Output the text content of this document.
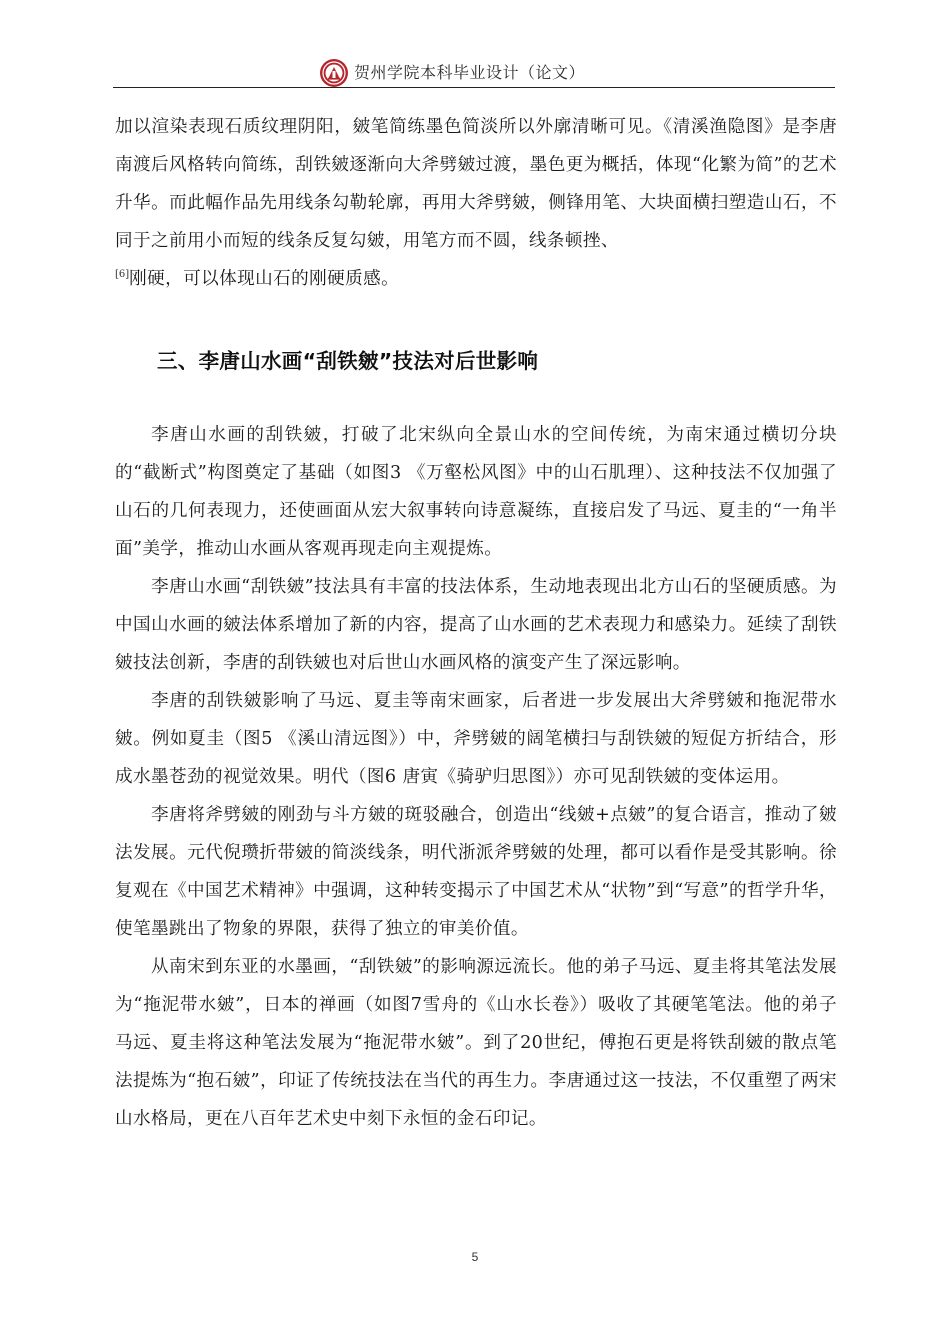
贺州学院本科毕业设计（论文）

加以渲染表现石质纹理阴阳，皴笔简练墨色简淡所以外廓清晰可见。《清溪渔隐图》是李唐南渡后风格转向简练，刮铁皴逐渐向大斧劈皴过渡，墨色更为概括，体现“化繁为简”的艺术升华。而此幅作品先用线条勾勒轮廓，再用大斧劈皴，侧锋用笔、大块面横扫塑造山石，不同于之前用小而短的线条反复勾皴，用笔方而不圆，线条顿挫、
[6]刚硬，可以体现山石的刚硬质感。

三、李唐山水画“刮铁皴”技法对后世影响

李唐山水画的刮铁皴，打破了北宋纵向全景山水的空间传统，为南宋通过横切分块的“截断式”构图奠定了基础（如图3 《万壑松风图》中的山石肌理）、这种技法不仅加强了山石的几何表现力，还使画面从宏大叙事转向诗意凝练，直接启发了马远、夏圭的“一角半面”美学，推动山水画从客观再现走向主观提炼。

李唐山水画“刮铁皴”技法具有丰富的技法体系，生动地表现出北方山石的坚硬质感。为中国山水画的皴法体系增加了新的内容，提高了山水画的艺术表现力和感染力。延续了刮铁皴技法创新，李唐的刮铁皴也对后世山水画风格的演变产生了深远影响。

李唐的刮铁皴影响了马远、夏圭等南宋画家，后者进一步发展出大斧劈皴和拖泥带水皴。例如夏圭（图5 《溪山清远图》）中，斧劈皴的阔笔横扫与刮铁皴的短促方折结合，形成水墨苍劲的视觉效果。明代（图6 唐寅《骑驴归思图》）亦可见刮铁皴的变体运用。

李唐将斧劈皴的刚劲与斗方皴的斑驳融合，创造出“线皴+点皴”的复合语言，推动了皴法发展。元代倪瓒折带皴的简淡线条，明代浙派斧劈皴的处理，都可以看作是受其影响。徐复观在《中国艺术精神》中强调，这种转变揭示了中国艺术从“状物”到“写意”的哲学升华，使笔墨跳出了物象的界限，获得了独立的审美价值。

从南宋到东亚的水墨画，“刮铁皴”的影响源远流长。他的弟子马远、夏圭将其笔法发展为“拖泥带水皴”，日本的禅画（如图7雪舟的《山水长卷》）吸收了其硬笔笔法。他的弟子马远、夏圭将这种笔法发展为“拖泥带水皴”。到了20世纪，傅抱石更是将铁刮皴的散点笔法提炼为“抱石皴”，印证了传统技法在当代的再生力。李唐通过这一技法，不仅重塑了两宋山水格局，更在八百年艺术史中刻下永恒的金石印记。

5
